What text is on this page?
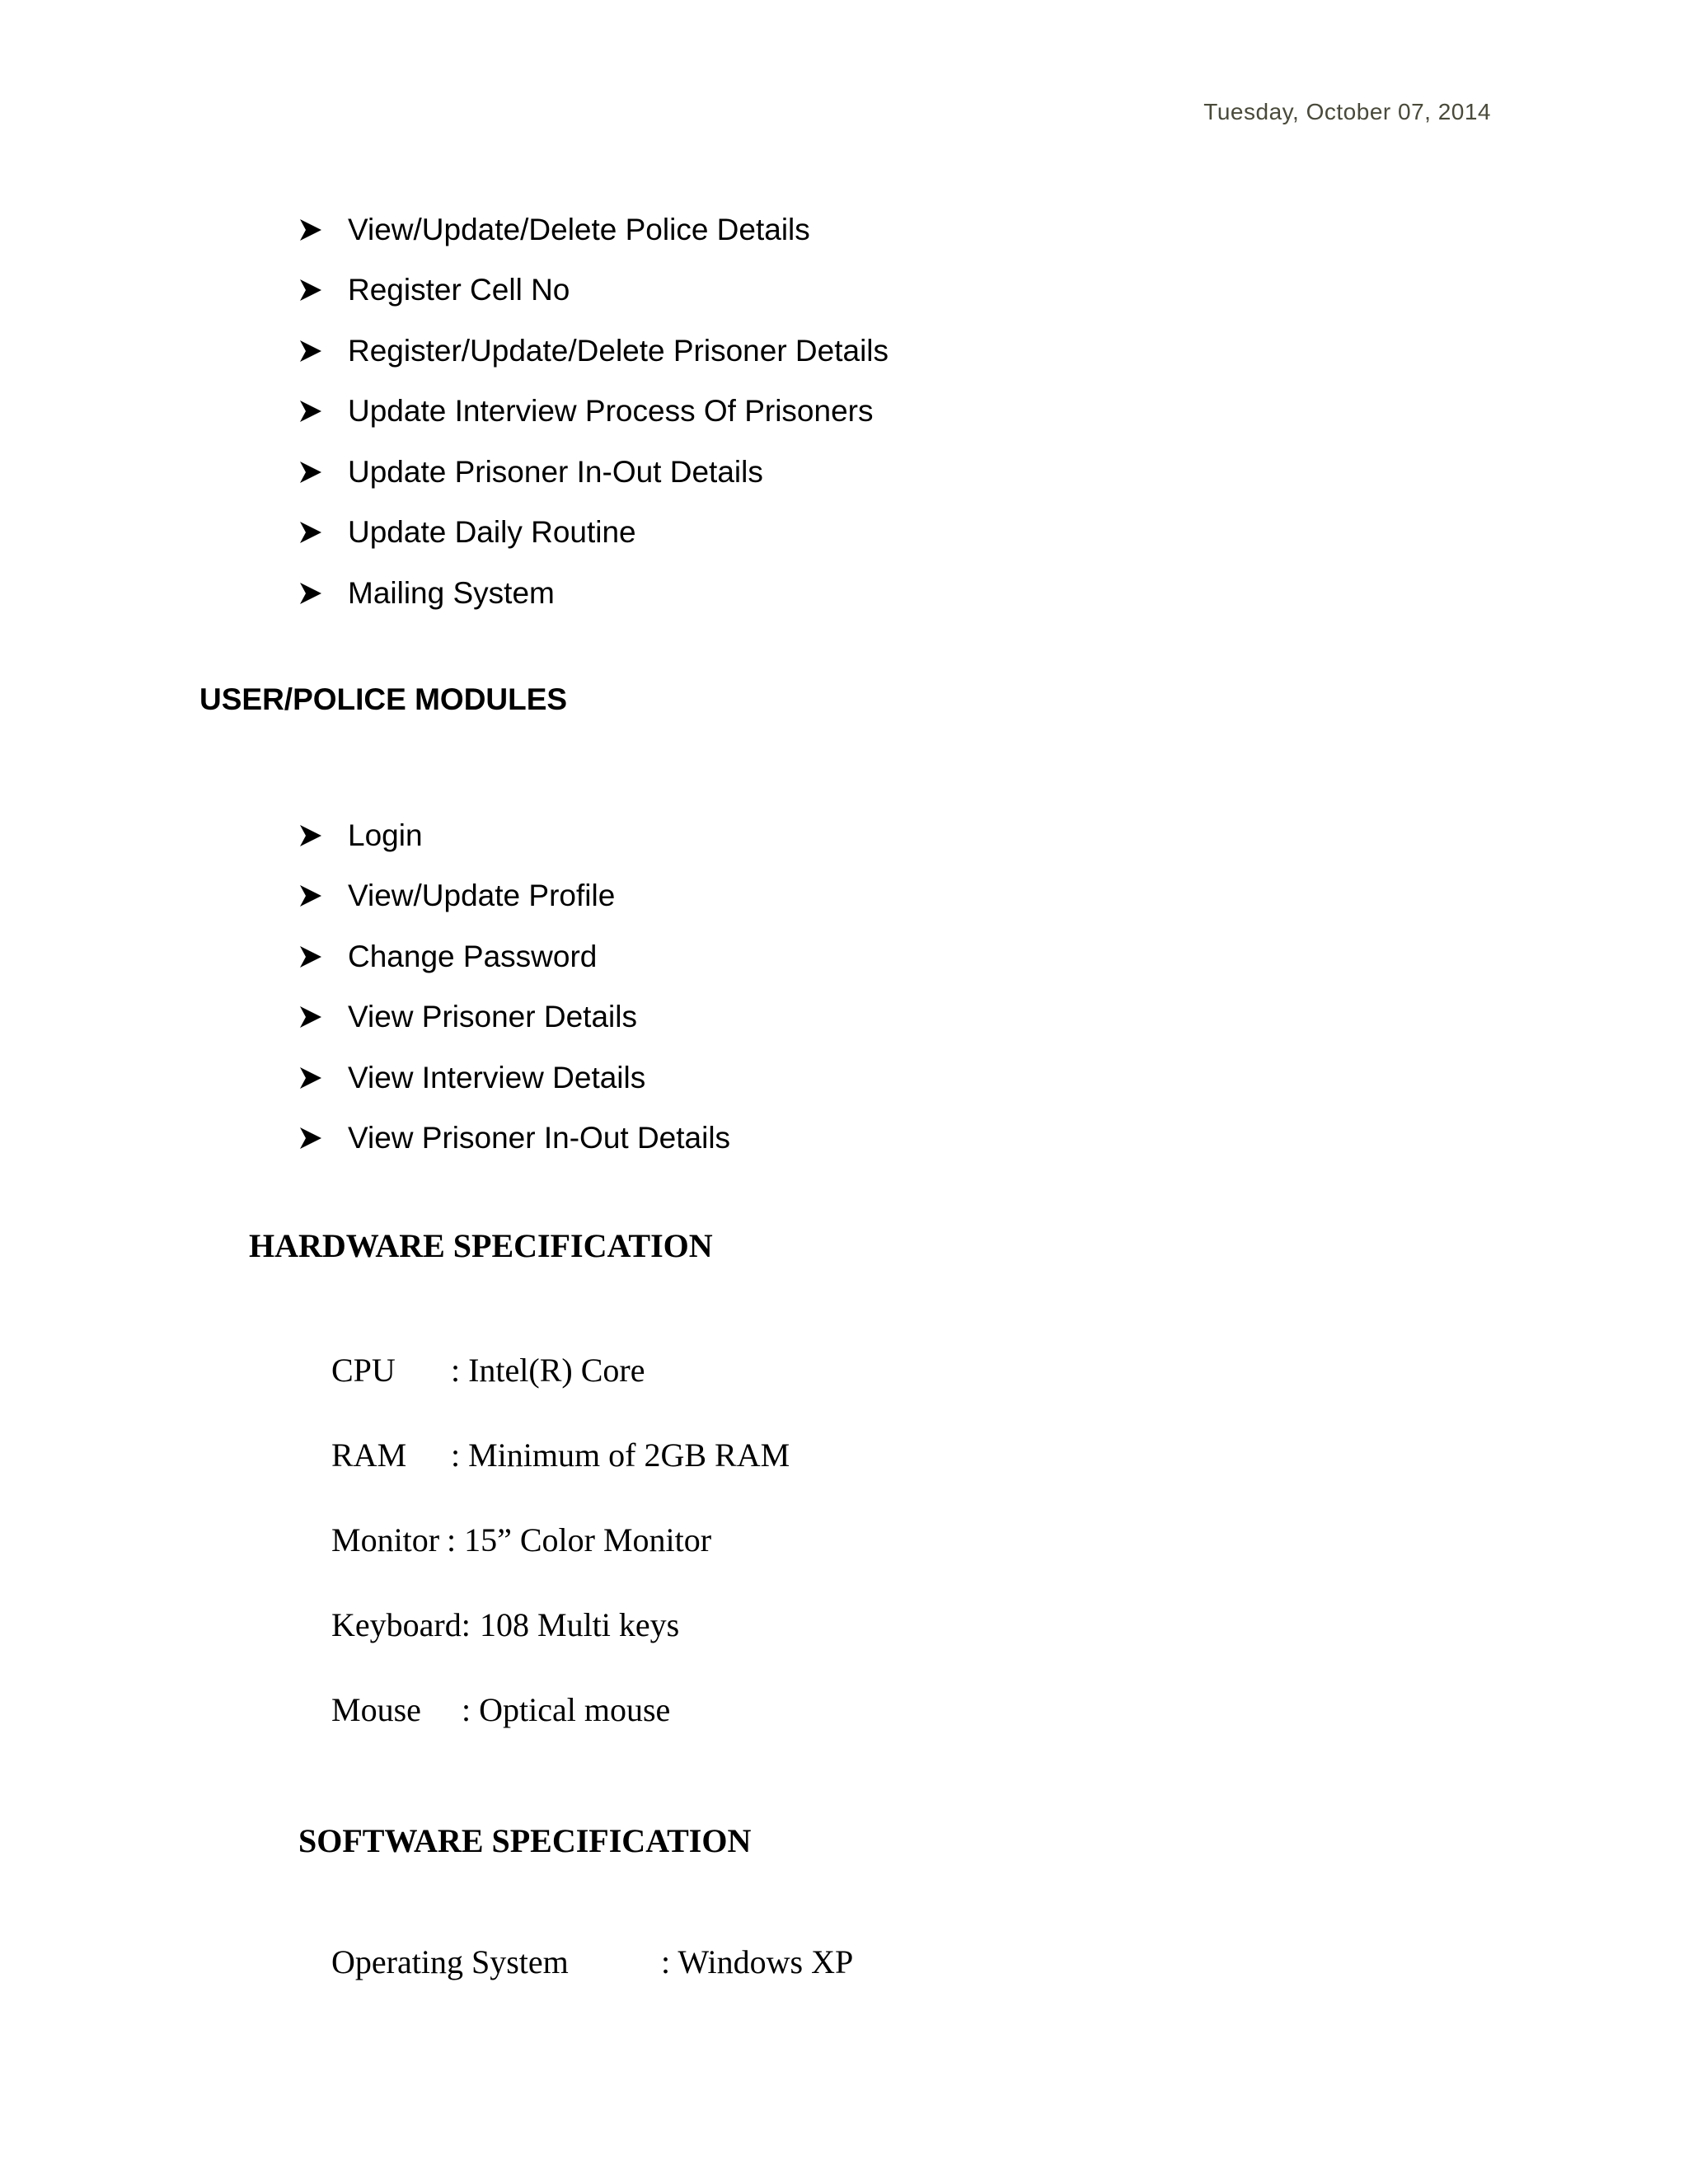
Tuesday, October 07, 2014
View/Update/Delete Police Details
Register Cell No
Register/Update/Delete Prisoner Details
Update Interview Process Of Prisoners
Update Prisoner In-Out Details
Update Daily Routine
Mailing System
USER/POLICE MODULES
Login
View/Update Profile
Change Password
View Prisoner Details
View Interview Details
View Prisoner In-Out Details
HARDWARE SPECIFICATION

CPU : Intel(R) Core

RAM : Minimum of 2GB RAM

Monitor : 15” Color Monitor

Keyboard: 108 Multi keys

Mouse : Optical mouse

SOFTWARE SPECIFICATION

Operating System	: Windows XP
